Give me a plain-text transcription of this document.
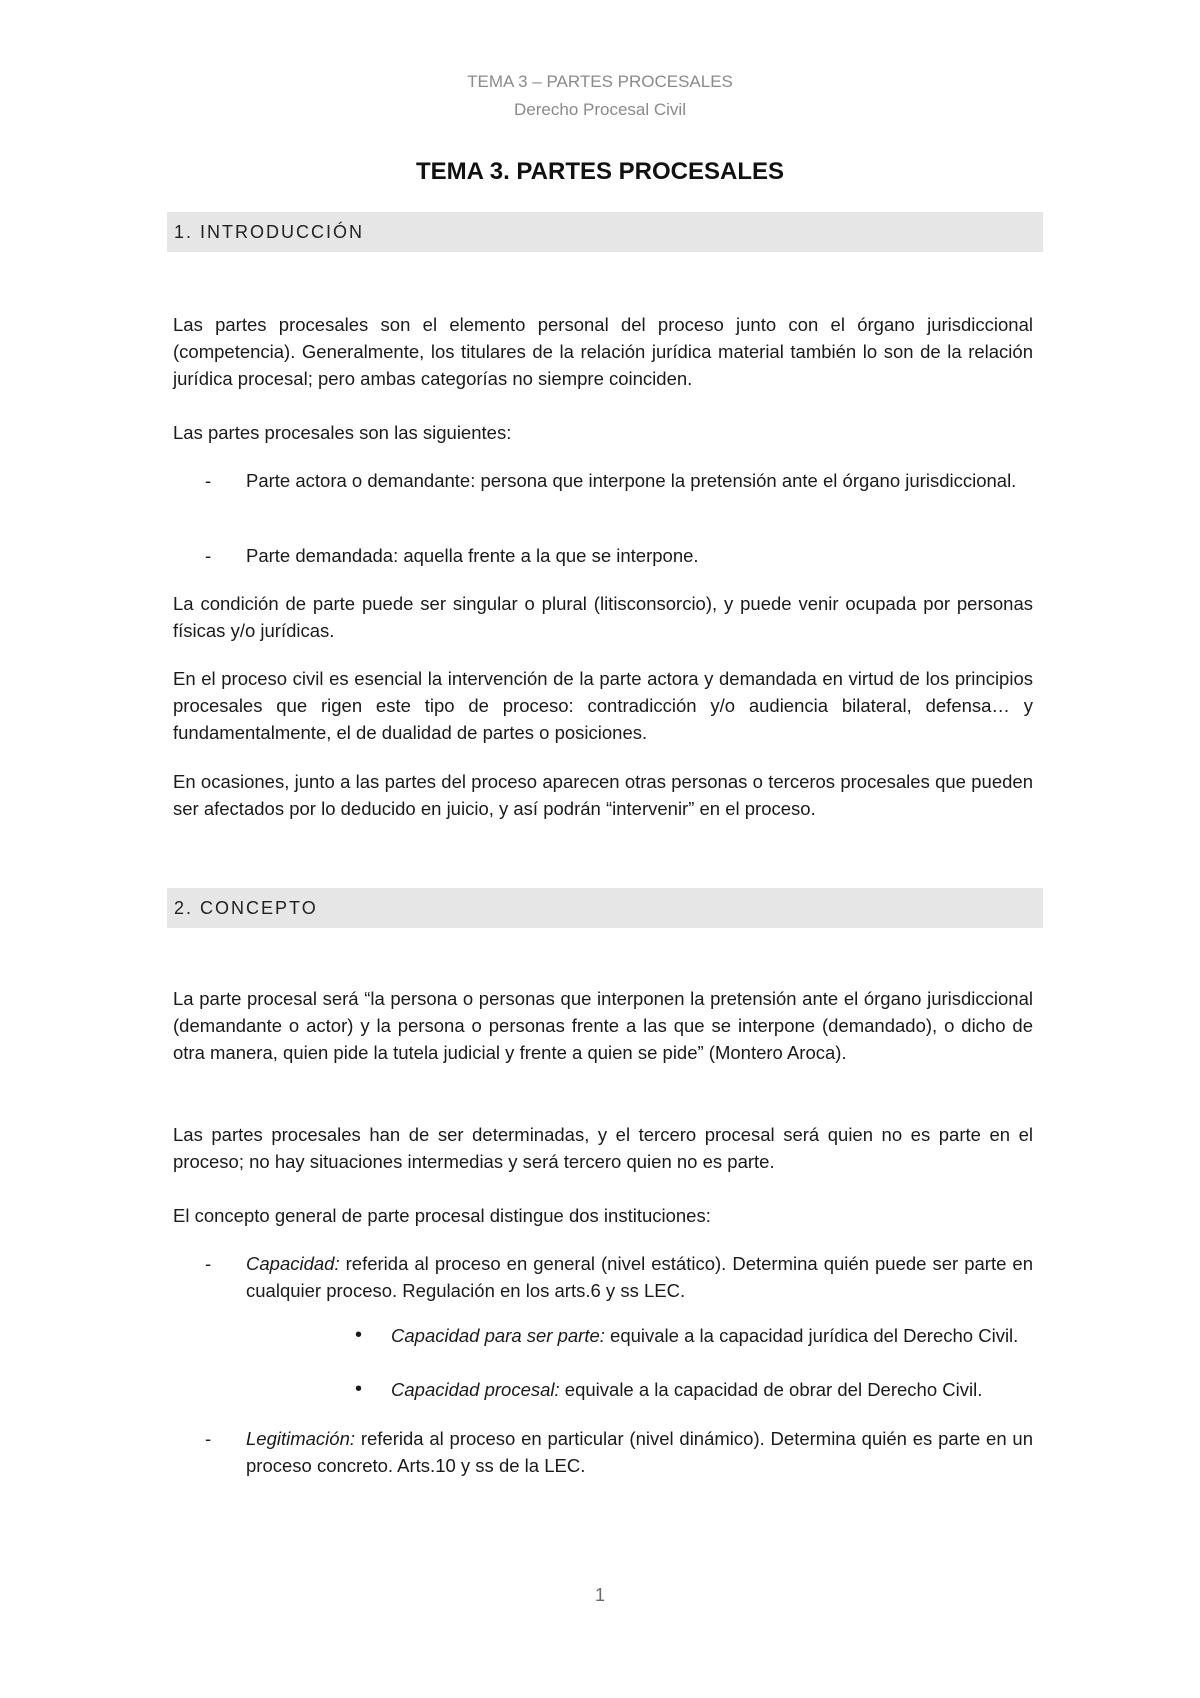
TEMA 3 – PARTES PROCESALES
Derecho Procesal Civil
TEMA 3. PARTES PROCESALES
1. INTRODUCCIÓN

Las partes procesales son el elemento personal del proceso junto con el órgano jurisdiccional (competencia). Generalmente, los titulares de la relación jurídica material también lo son de la relación jurídica procesal; pero ambas categorías no siempre coinciden.

Las partes procesales son las siguientes:

- Parte actora o demandante: persona que interpone la pretensión ante el órgano jurisdiccional.
- Parte demandada: aquella frente a la que se interpone.

La condición de parte puede ser singular o plural (litisconsorcio), y puede venir ocupada por personas físicas y/o jurídicas.

En el proceso civil es esencial la intervención de la parte actora y demandada en virtud de los principios procesales que rigen este tipo de proceso: contradicción y/o audiencia bilateral, defensa… y fundamentalmente, el de dualidad de partes o posiciones.

En ocasiones, junto a las partes del proceso aparecen otras personas o terceros procesales que pueden ser afectados por lo deducido en juicio, y así podrán “intervenir” en el proceso.

2. CONCEPTO

La parte procesal será “la persona o personas que interponen la pretensión ante el órgano jurisdiccional (demandante o actor) y la persona o personas frente a las que se interpone (demandado), o dicho de otra manera, quien pide la tutela judicial y frente a quien se pide” (Montero Aroca).

Las partes procesales han de ser determinadas, y el tercero procesal será quien no es parte en el proceso; no hay situaciones intermedias y será tercero quien no es parte.

El concepto general de parte procesal distingue dos instituciones:

- Capacidad: referida al proceso en general (nivel estático). Determina quién puede ser parte en cualquier proceso. Regulación en los arts.6 y ss LEC.
• Capacidad para ser parte: equivale a la capacidad jurídica del Derecho Civil.
• Capacidad procesal: equivale a la capacidad de obrar del Derecho Civil.
- Legitimación: referida al proceso en particular (nivel dinámico). Determina quién es parte en un proceso concreto. Arts.10 y ss de la LEC.
1
